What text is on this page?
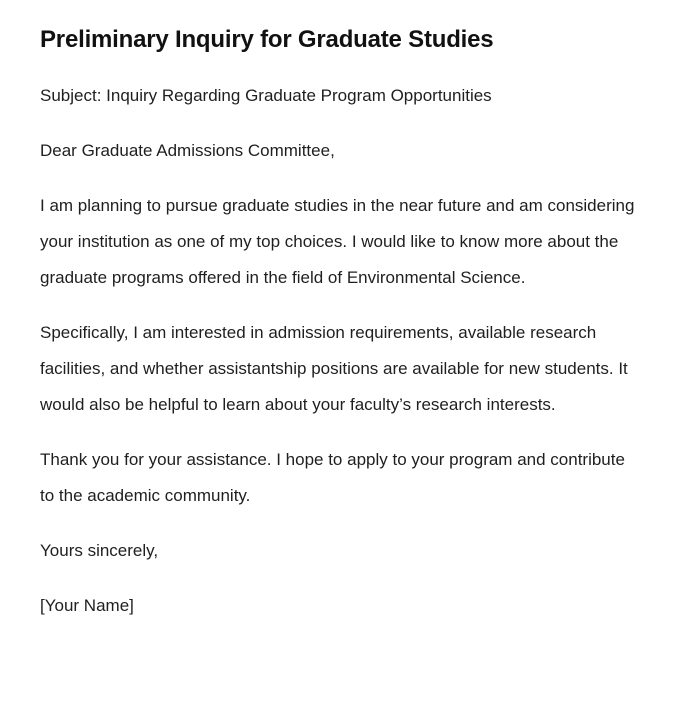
Preliminary Inquiry for Graduate Studies

Subject: Inquiry Regarding Graduate Program Opportunities

Dear Graduate Admissions Committee,

I am planning to pursue graduate studies in the near future and am considering your institution as one of my top choices. I would like to know more about the graduate programs offered in the field of Environmental Science.

Specifically, I am interested in admission requirements, available research facilities, and whether assistantship positions are available for new students. It would also be helpful to learn about your faculty’s research interests.

Thank you for your assistance. I hope to apply to your program and contribute to the academic community.

Yours sincerely,

[Your Name]
